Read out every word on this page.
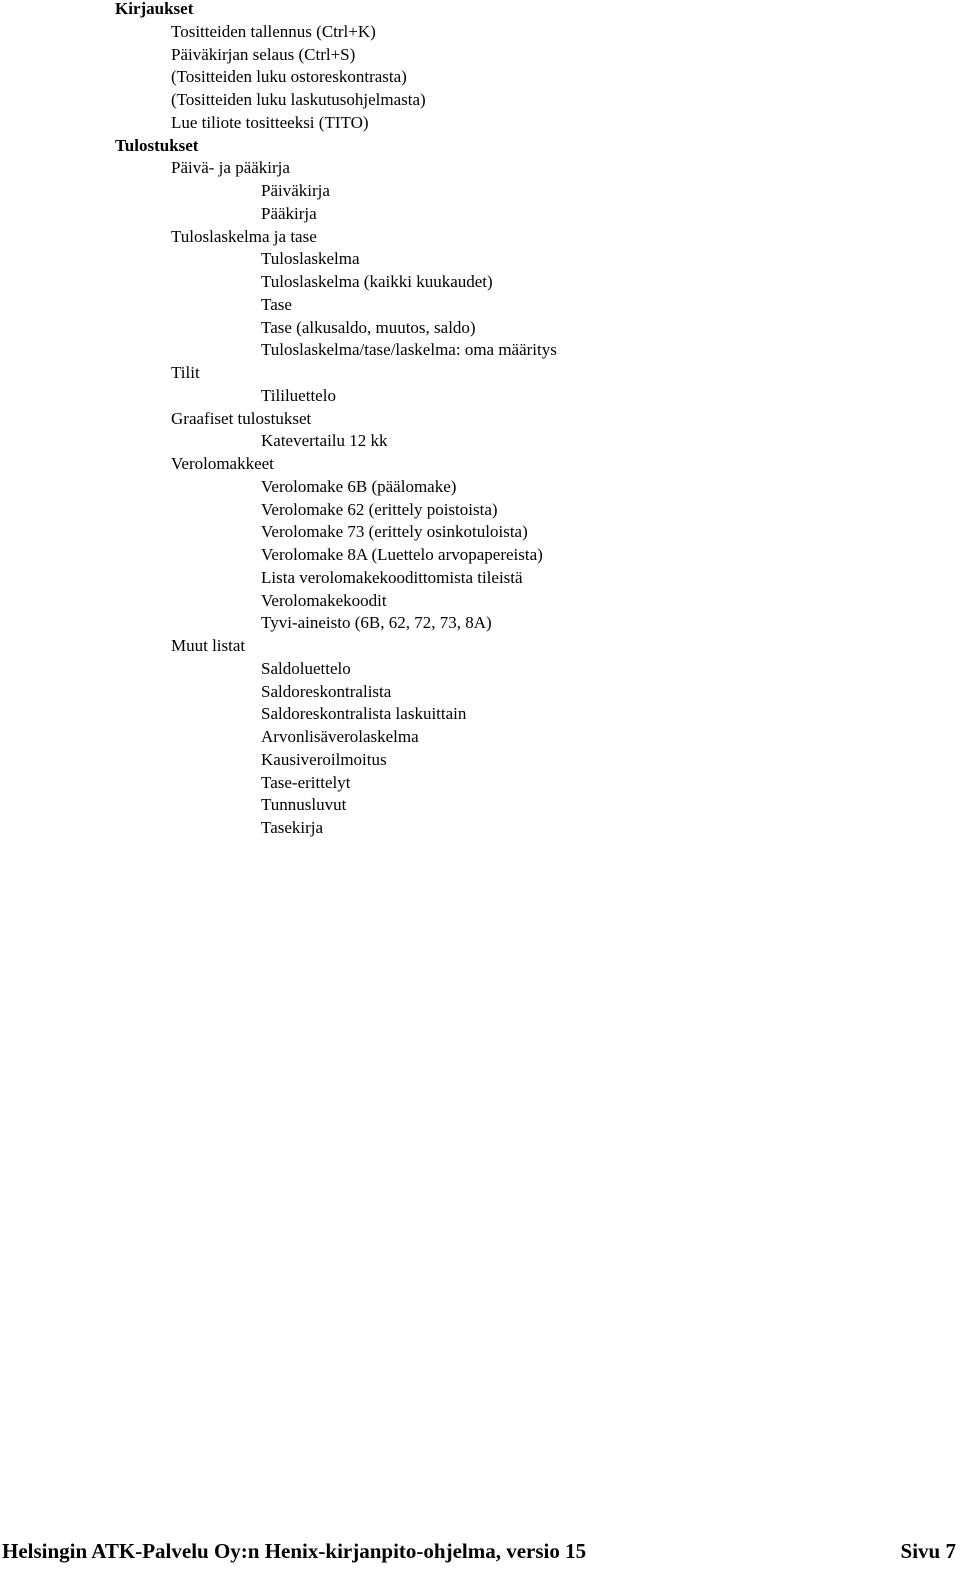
Kirjaukset
Tositteiden tallennus (Ctrl+K)
Päiväkirjan selaus (Ctrl+S)
(Tositteiden luku ostoreskontrasta)
(Tositteiden luku laskutusohjelmasta)
Lue tiliote tositteeksi (TITO)
Tulostukset
Päivä- ja pääkirja
Päiväkirja
Pääkirja
Tuloslaskelma ja tase
Tuloslaskelma
Tuloslaskelma (kaikki kuukaudet)
Tase
Tase (alkusaldo, muutos, saldo)
Tuloslaskelma/tase/laskelma: oma määritys
Tilit
Tililuettelo
Graafiset tulostukset
Katevertailu 12 kk
Verolomakkeet
Verolomake 6B (päälomake)
Verolomake 62 (erittely poistoista)
Verolomake 73 (erittely osinkotuloista)
Verolomake 8A (Luettelo arvopapereista)
Lista verolomakekoodittomista tileistä
Verolomakekoodit
Tyvi-aineisto (6B, 62, 72, 73, 8A)
Muut listat
Saldoluettelo
Saldoreskontralista
Saldoreskontralista laskuittain
Arvonlisäverolaskelma
Kausiveroilmoitus
Tase-erittelyt
Tunnusluvut
Tasekirja
Helsingin ATK-Palvelu Oy:n Henix-kirjanpito-ohjelma, versio 15	Sivu 7
